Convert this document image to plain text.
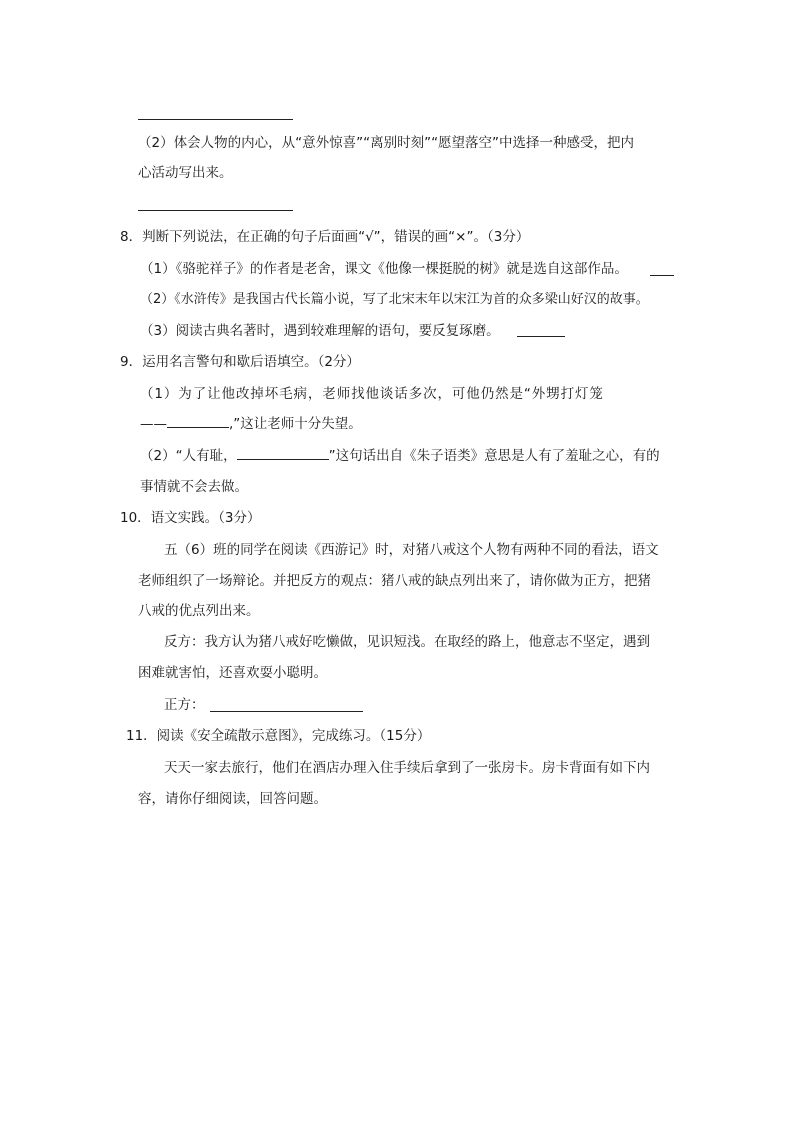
（2）体会人物的内心，从“意外惊喜”“离别时刻”“愿望落空”中选择一种感受，把内
心活动写出来。
8．判断下列说法，在正确的句子后面画“√”，错误的画“×”。（3分）
（1）《骆驼祥子》的作者是老舍，课文《他像一棵挺脱的树》就是选自这部作品。
（2）《水浒传》是我国古代长篇小说，写了北宋末年以宋江为首的众多梁山好汉的故事。
（3）阅读古典名著时，遇到较难理解的语句，要反复琢磨。
9．运用名言警句和歇后语填空。（2分）
（1）为了让他改掉坏毛病，老师找他谈话多次，可他仍然是“外甥打灯笼
——	,”这让老师十分失望。
（2）“人有耻，	”这句话出自《朱子语类》意思是人有了羞耻之心，有的
事情就不会去做。
10．语文实践。（3分）
五（6）班的同学在阅读《西游记》时，对猪八戒这个人物有两种不同的看法，语文
老师组织了一场辩论。并把反方的观点：猪八戒的缺点列出来了，请你做为正方，把猪
八戒的优点列出来。
反方：我方认为猪八戒好吃懒做，见识短浅。在取经的路上，他意志不坚定，遇到
困难就害怕，还喜欢耍小聪明。
正方：
11．阅读《安全疏散示意图》，完成练习。（15分）
天天一家去旅行，他们在酒店办理入住手续后拿到了一张房卡。房卡背面有如下内
容，请你仔细阅读，回答问题。
